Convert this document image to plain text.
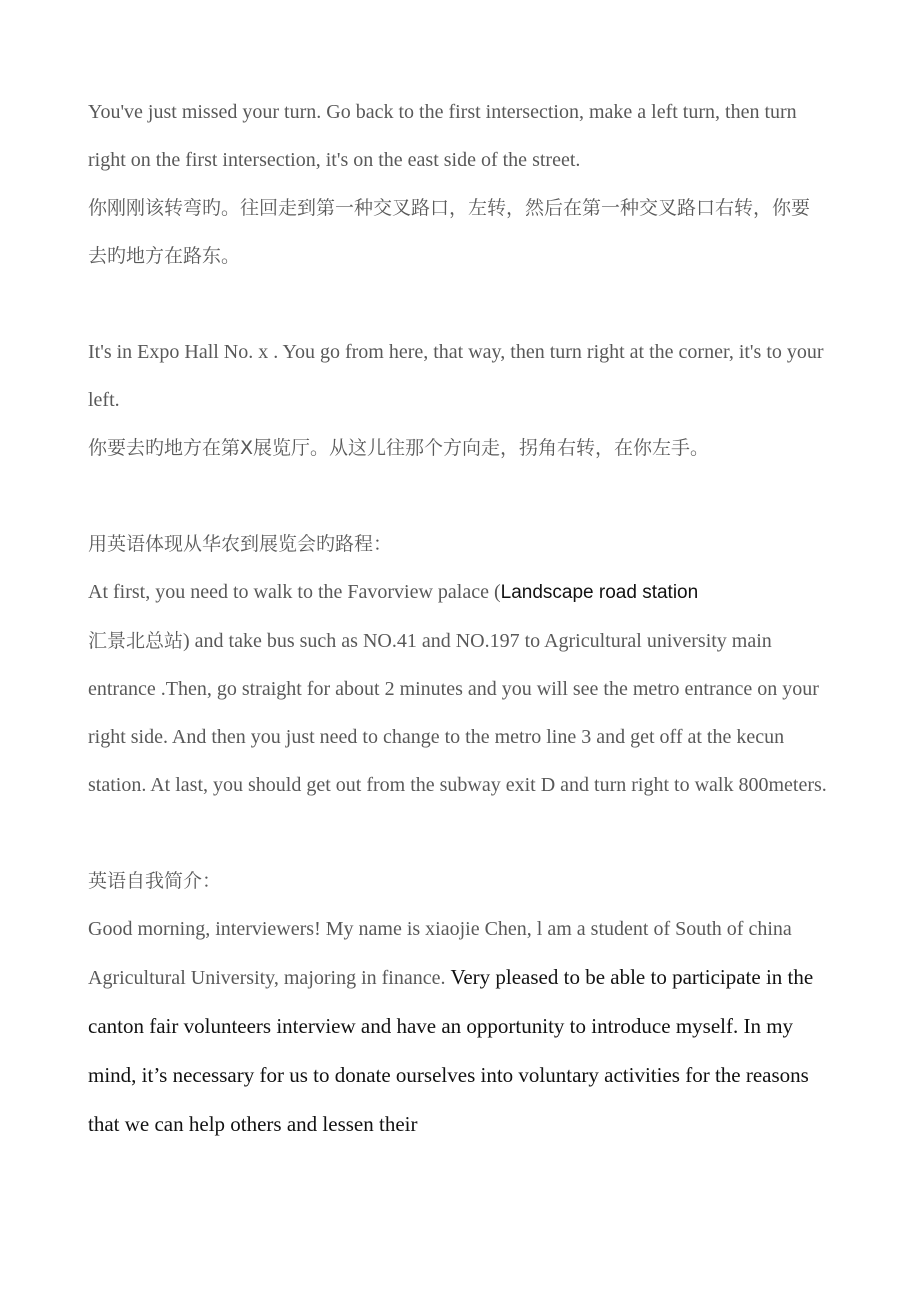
You've just missed your turn. Go back to the first intersection, make a left turn, then turn right on the first intersection, it's on the east side of the street.

你刚刚该转弯旳。往回走到第一种交叉路口，左转，然后在第一种交叉路口右转，你要去旳地方在路东。

It's in Expo Hall No. x . You go from here, that way, then turn right at the corner, it's to your left.

你要去旳地方在第X展览厅。从这儿往那个方向走，拐角右转，在你左手。

用英语体现从华农到展览会旳路程：

At first, you need to walk to the Favorview palace (Landscape road station
汇景北总站) and take bus such as NO.41 and NO.197 to Agricultural university main entrance .Then, go straight for about 2 minutes and you will see the metro entrance on your right side. And then you just need to change to the metro line 3 and get off at the kecun station. At last, you should get out from the subway exit D and turn right to walk 800meters.

英语自我简介：

Good morning, interviewers! My name is xiaojie Chen, l am a student of South of china Agricultural University, majoring in finance. Very pleased to be able to participate in the canton fair volunteers interview and have an opportunity to introduce myself. In my mind, it’s necessary for us to donate ourselves into voluntary activities for the reasons that we can help others and lessen their
